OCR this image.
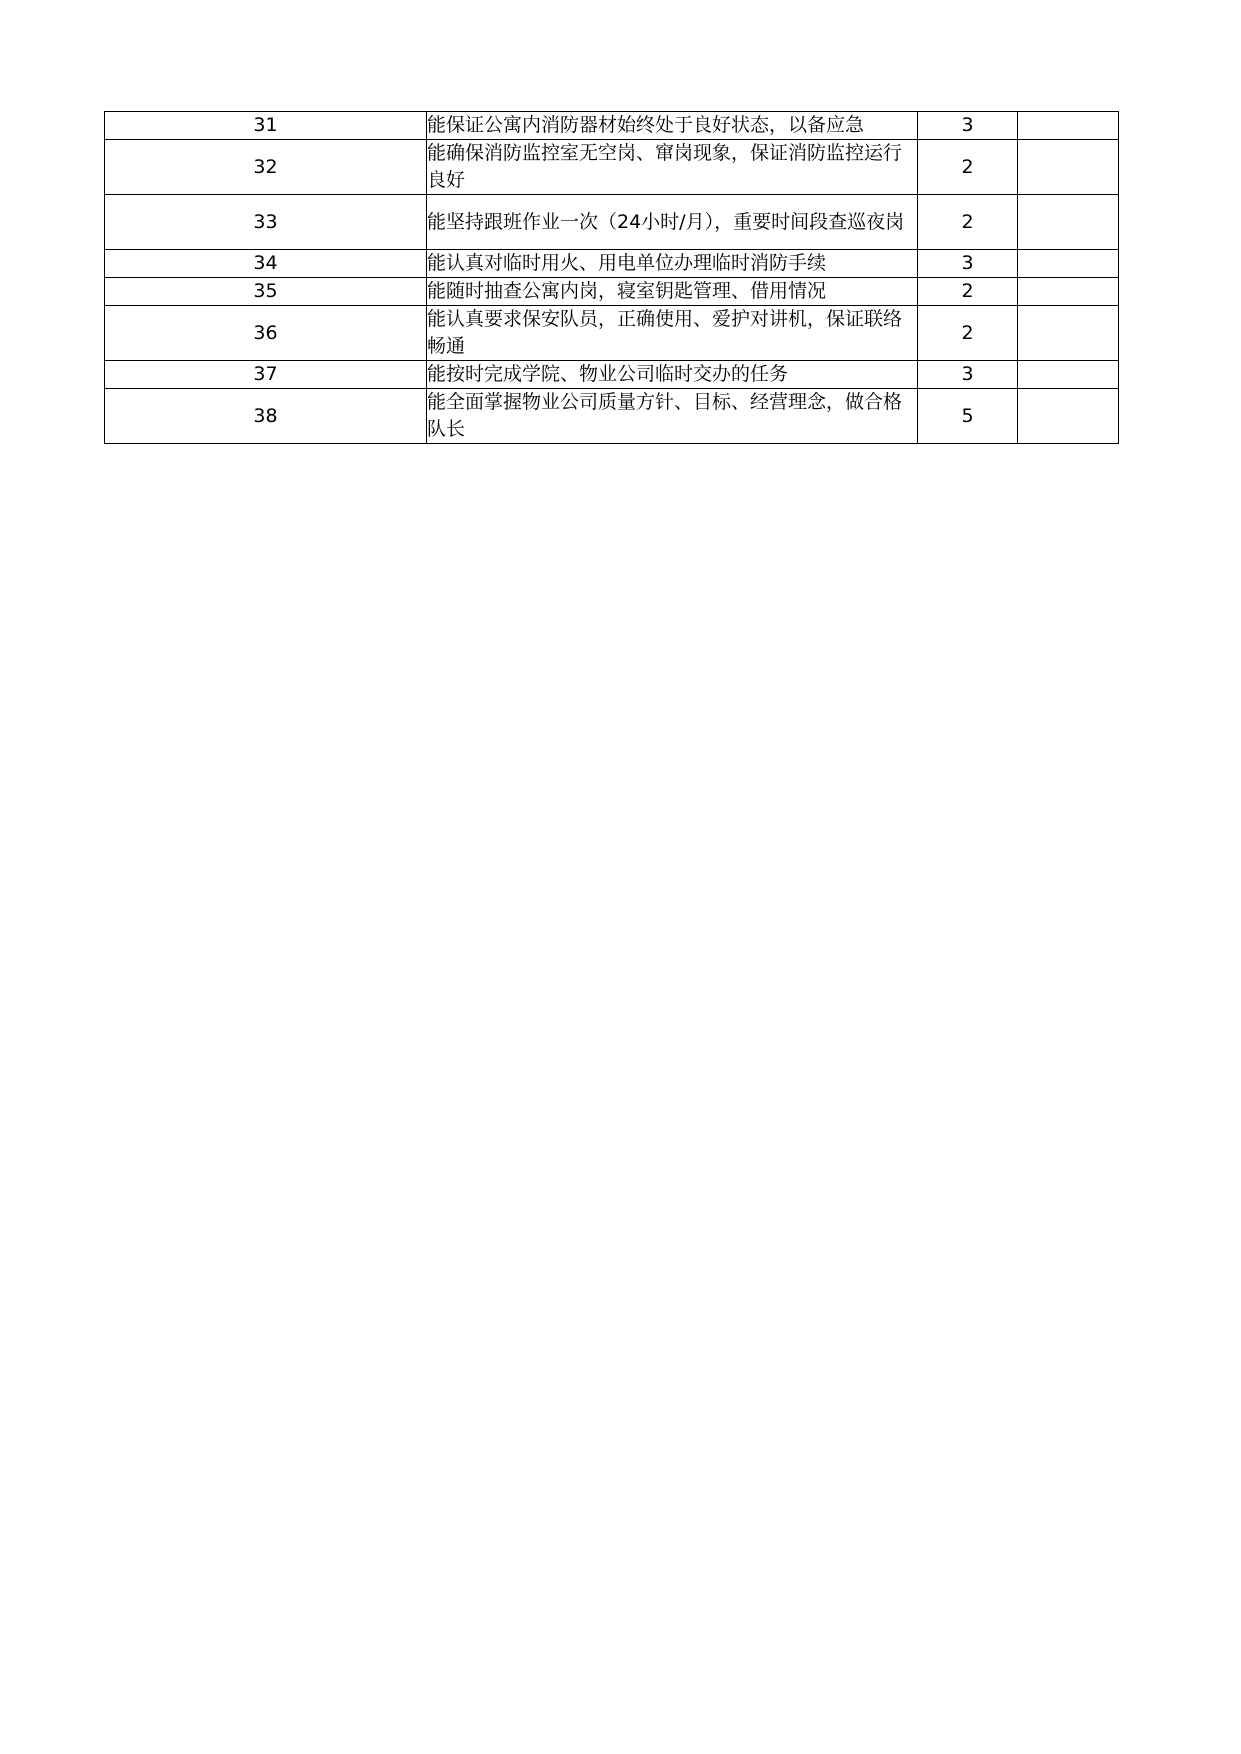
31	能保证公寓内消防器材始终处于良好状态，以备应急	3	
32	能确保消防监控室无空岗、窜岗现象，保证消防监控运行良好	2	
33	能坚持跟班作业一次（24小时/月），重要时间段查巡夜岗	2	
34	能认真对临时用火、用电单位办理临时消防手续	3	
35	能随时抽查公寓内岗，寝室钥匙管理、借用情况	2	
36	能认真要求保安队员，正确使用、爱护对讲机，保证联络畅通	2	
37	能按时完成学院、物业公司临时交办的任务	3	
38	能全面掌握物业公司质量方针、目标、经营理念，做合格队长	5	
